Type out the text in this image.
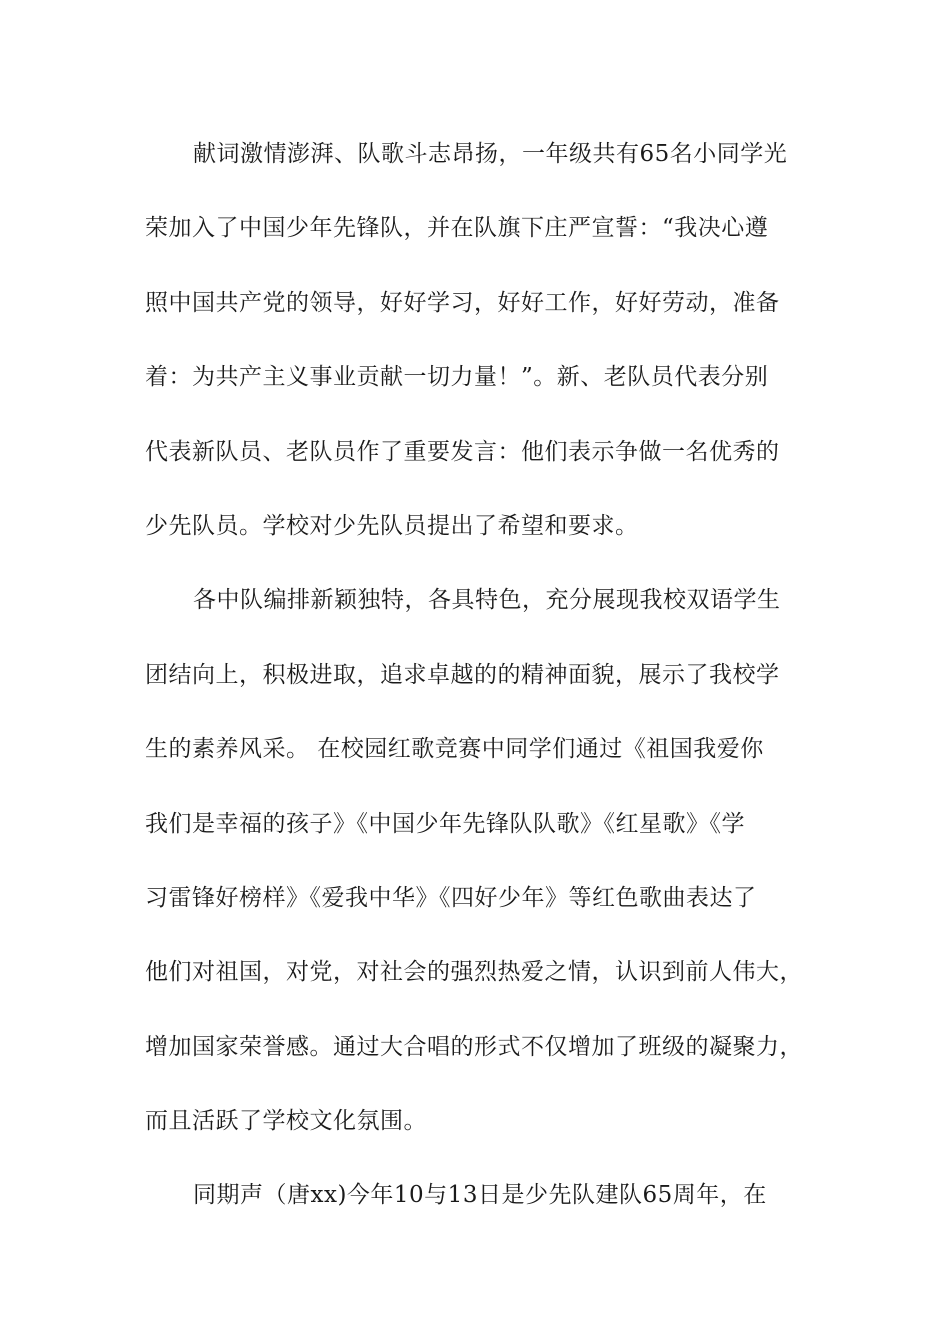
献词激情澎湃、队歌斗志昂扬，一年级共有65名小同学光
荣加入了中国少年先锋队，并在队旗下庄严宣誓：“我决心遵
照中国共产党的领导，好好学习，好好工作，好好劳动，准备
着：为共产主义事业贡献一切力量！”。新、老队员代表分别
代表新队员、老队员作了重要发言：他们表示争做一名优秀的
少先队员。学校对少先队员提出了希望和要求。
各中队编排新颖独特，各具特色，充分展现我校双语学生
团结向上，积极进取，追求卓越的的精神面貌，展示了我校学
生的素养风采。 在校园红歌竞赛中同学们通过《祖国我爱你
我们是幸福的孩子》《中国少年先锋队队歌》《红星歌》《学
习雷锋好榜样》《爱我中华》《四好少年》等红色歌曲表达了
他们对祖国，对党，对社会的强烈热爱之情，认识到前人伟大，
增加国家荣誉感。通过大合唱的形式不仅增加了班级的凝聚力，
而且活跃了学校文化氛围。
同期声（唐xx)今年10与13日是少先队建队65周年，在
